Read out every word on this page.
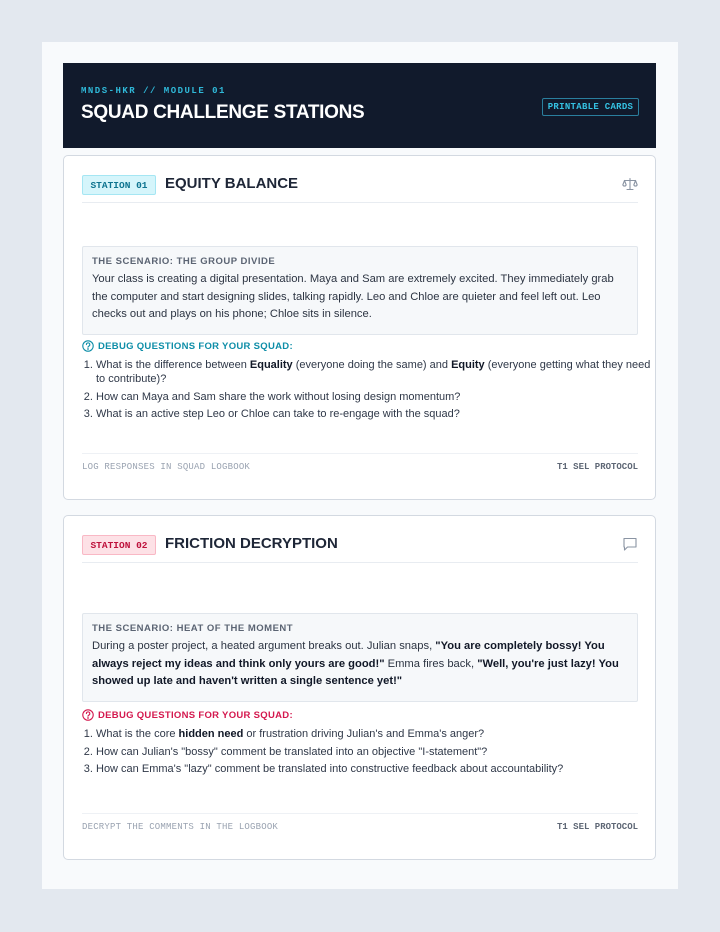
MNDS-HKR // MODULE 01
SQUAD CHALLENGE STATIONS	PRINTABLE CARDS
STATION 01	EQUITY BALANCE
THE SCENARIO: THE GROUP DIVIDE
Your class is creating a digital presentation. Maya and Sam are extremely excited. They immediately grab the computer and start designing slides, talking rapidly. Leo and Chloe are quieter and feel left out. Leo checks out and plays on his phone; Chloe sits in silence.
DEBUG QUESTIONS FOR YOUR SQUAD:
1. What is the difference between Equality (everyone doing the same) and Equity (everyone getting what they need to contribute)?
2. How can Maya and Sam share the work without losing design momentum?
3. What is an active step Leo or Chloe can take to re-engage with the squad?
LOG RESPONSES IN SQUAD LOGBOOK	T1 SEL PROTOCOL
STATION 02	FRICTION DECRYPTION
THE SCENARIO: HEAT OF THE MOMENT
During a poster project, a heated argument breaks out. Julian snaps, "You are completely bossy! You always reject my ideas and think only yours are good!" Emma fires back, "Well, you're just lazy! You showed up late and haven't written a single sentence yet!"
DEBUG QUESTIONS FOR YOUR SQUAD:
1. What is the core hidden need or frustration driving Julian's and Emma's anger?
2. How can Julian's "bossy" comment be translated into an objective "I-statement"?
3. How can Emma's "lazy" comment be translated into constructive feedback about accountability?
DECRYPT THE COMMENTS IN THE LOGBOOK	T1 SEL PROTOCOL
